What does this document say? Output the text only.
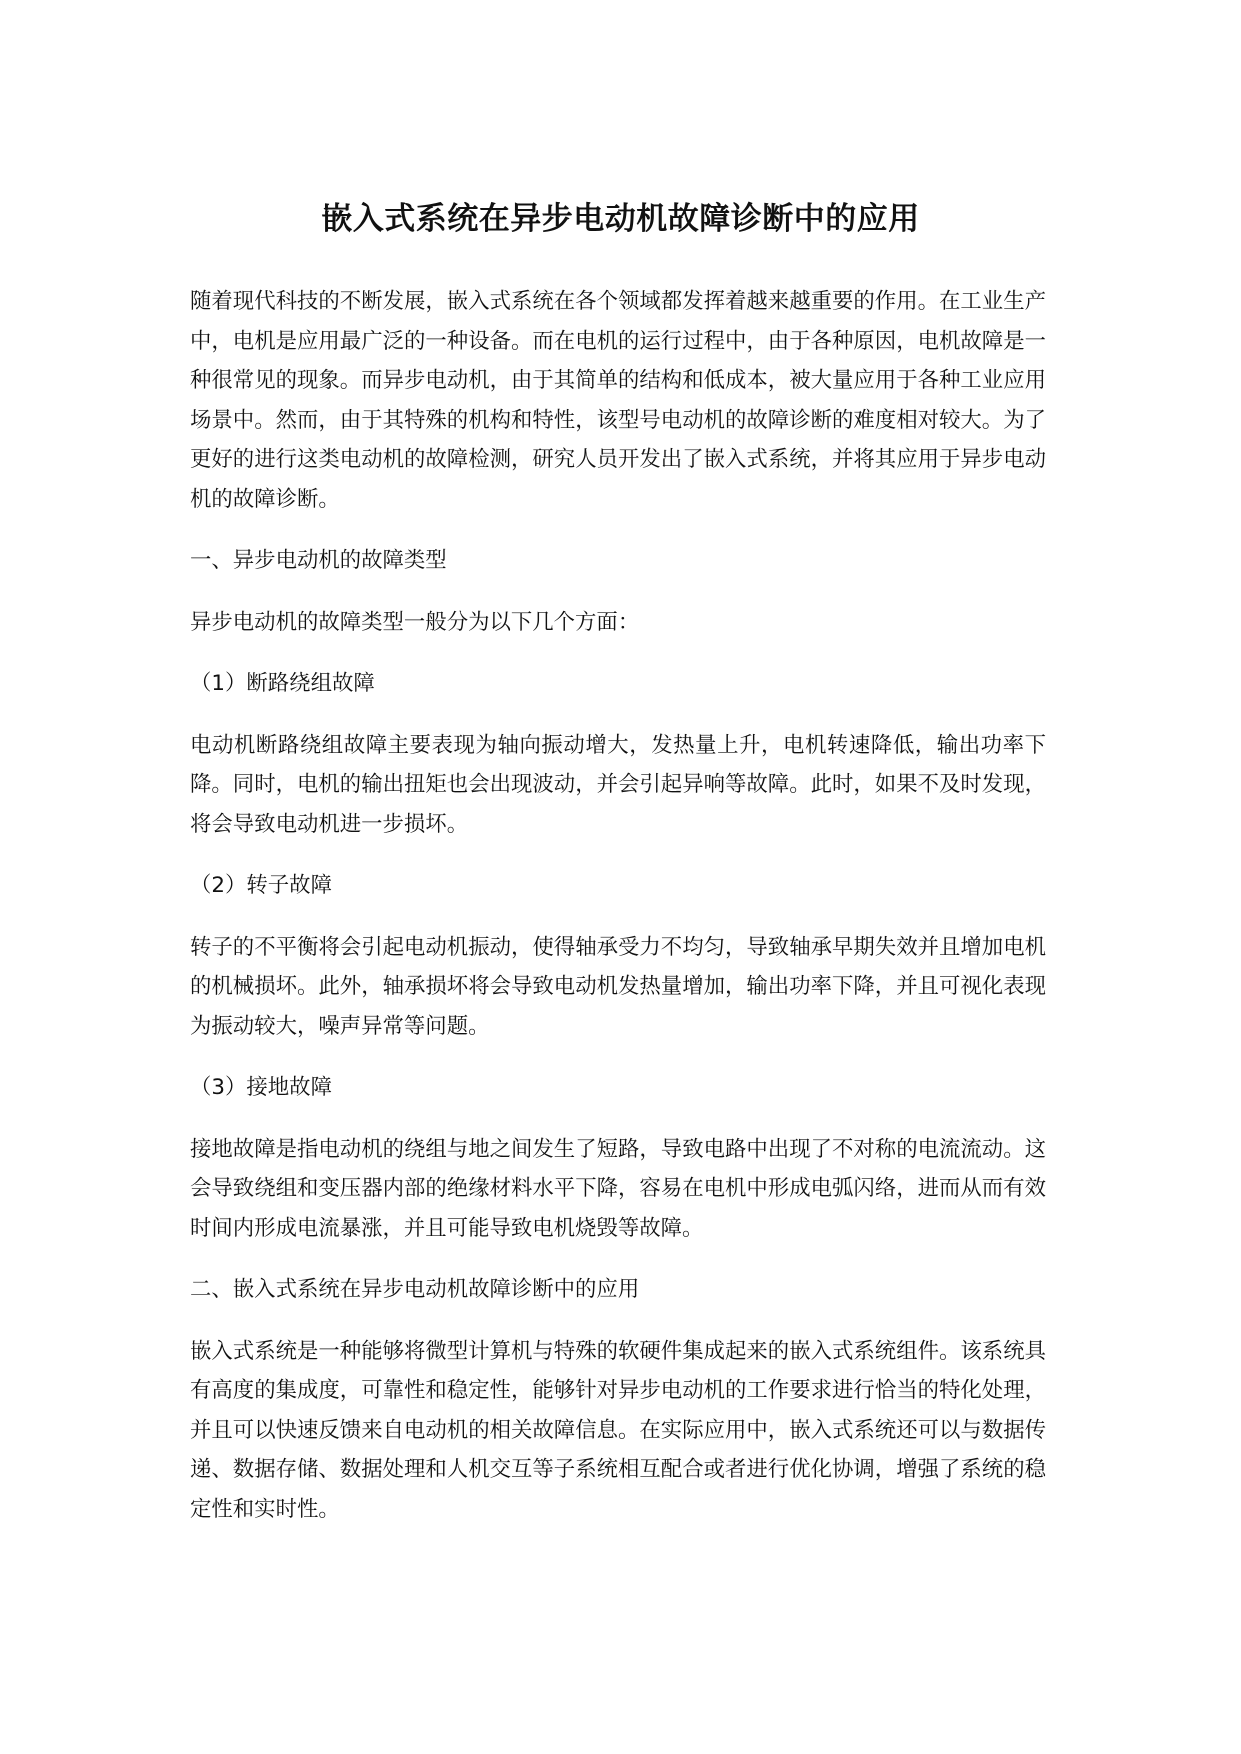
嵌入式系统在异步电动机故障诊断中的应用

随着现代科技的不断发展，嵌入式系统在各个领域都发挥着越来越重要的作用。在工业生产中，电机是应用最广泛的一种设备。而在电机的运行过程中，由于各种原因，电机故障是一种很常见的现象。而异步电动机，由于其简单的结构和低成本，被大量应用于各种工业应用场景中。然而，由于其特殊的机构和特性，该型号电动机的故障诊断的难度相对较大。为了更好的进行这类电动机的故障检测，研究人员开发出了嵌入式系统，并将其应用于异步电动机的故障诊断。

一、异步电动机的故障类型

异步电动机的故障类型一般分为以下几个方面：

（1）断路绕组故障

电动机断路绕组故障主要表现为轴向振动增大，发热量上升，电机转速降低，输出功率下降。同时，电机的输出扭矩也会出现波动，并会引起异响等故障。此时，如果不及时发现，将会导致电动机进一步损坏。

（2）转子故障

转子的不平衡将会引起电动机振动，使得轴承受力不均匀，导致轴承早期失效并且增加电机的机械损坏。此外，轴承损坏将会导致电动机发热量增加，输出功率下降，并且可视化表现为振动较大，噪声异常等问题。

（3）接地故障

接地故障是指电动机的绕组与地之间发生了短路，导致电路中出现了不对称的电流流动。这会导致绕组和变压器内部的绝缘材料水平下降，容易在电机中形成电弧闪络，进而从而有效时间内形成电流暴涨，并且可能导致电机烧毁等故障。

二、嵌入式系统在异步电动机故障诊断中的应用

嵌入式系统是一种能够将微型计算机与特殊的软硬件集成起来的嵌入式系统组件。该系统具有高度的集成度，可靠性和稳定性，能够针对异步电动机的工作要求进行恰当的特化处理，并且可以快速反馈来自电动机的相关故障信息。在实际应用中，嵌入式系统还可以与数据传递、数据存储、数据处理和人机交互等子系统相互配合或者进行优化协调，增强了系统的稳定性和实时性。
